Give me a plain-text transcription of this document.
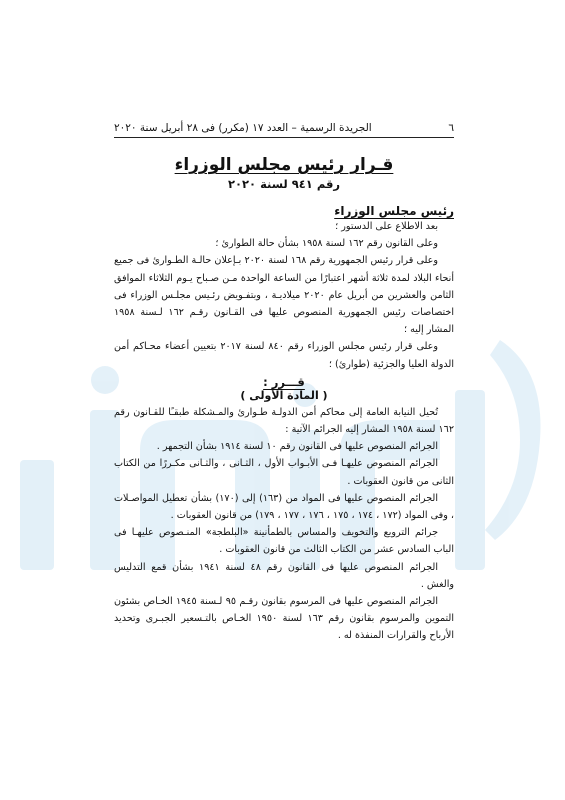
٦
الجريدة الرسمية – العدد ١٧ (مكرر) فى ٢٨ أبريل سنة ٢٠٢٠
قـرار رئيس مجلس الوزراء
رقم ٩٤١ لسنة ٢٠٢٠
رئيس مجلس الوزراء

بعد الاطلاع على الدستور ؛

وعلى القانون رقم ١٦٢ لسنة ١٩٥٨ بشأن حالة الطوارئ ؛

وعلى قرار رئيس الجمهورية رقم ١٦٨ لسنة ٢٠٢٠ بـإعلان حالـة الطـوارئ فى جميع أنحاء البلاد لمدة ثلاثة أشهر اعتبارًا من الساعة الواحدة مـن صـباح يـوم الثلاثاء الموافق الثامن والعشرين من أبريل عام ٢٠٢٠ ميلاديـة ، وبتفـويض رئـيس مجلـس الوزراء فى اختصاصات رئيس الجمهورية المنصوص عليها فى القـانون رقـم ١٦٢ لـسنة ١٩٥٨ المشار إليه ؛

وعلى قرار رئيس مجلس الوزراء رقم ٨٤٠ لسنة ٢٠١٧ بتعيين أعضاء محـاكم أمن الدولة العليا والجزئية (طوارئ) ؛

قـــرر :
( المادة الأولى )

تُحيل النيابة العامة إلى محاكم أمن الدولـة طـوارئ والمـشكلة طبقـًا للقـانون رقم ١٦٢ لسنة ١٩٥٨ المشار إليه الجرائم الآتية :

الجرائم المنصوص عليها فى القانون رقم ١٠ لسنة ١٩١٤ بشأن التجمهر .

الجرائم المنصوص عليهـا فـى الأبـواب الأول ، الثـانى ، والثـانى مكـررًا من الكتاب الثانى من قانون العقوبات .

الجرائم المنصوص عليها فى المواد من (١٦٣) إلى (١٧٠) بشأن تعطيل المواصـلات ، وفى المواد (١٧٢ ، ١٧٤ ، ١٧٥ ، ١٧٦ ، ١٧٧ ، ١٧٩) من قانون العقوبات .

جرائم الترويع والتخويف والمساس بالطمأنينة «البلطجة» المنـصوص عليهـا فى الباب السادس عشر من الكتاب الثالث من قانون العقوبات .

الجرائم المنصوص عليها فى القانون رقم ٤٨ لسنة ١٩٤١ بشأن قمع التدليس والغش .

الجرائم المنصوص عليها فى المرسوم بقانون رقـم ٩٥ لـسنة ١٩٤٥ الخـاص بشئون التموين والمرسوم بقانون رقم ١٦٣ لسنة ١٩٥٠ الخـاص بالتـسعير الجبـرى وتحديد الأرباح والقرارات المنفذة له .
